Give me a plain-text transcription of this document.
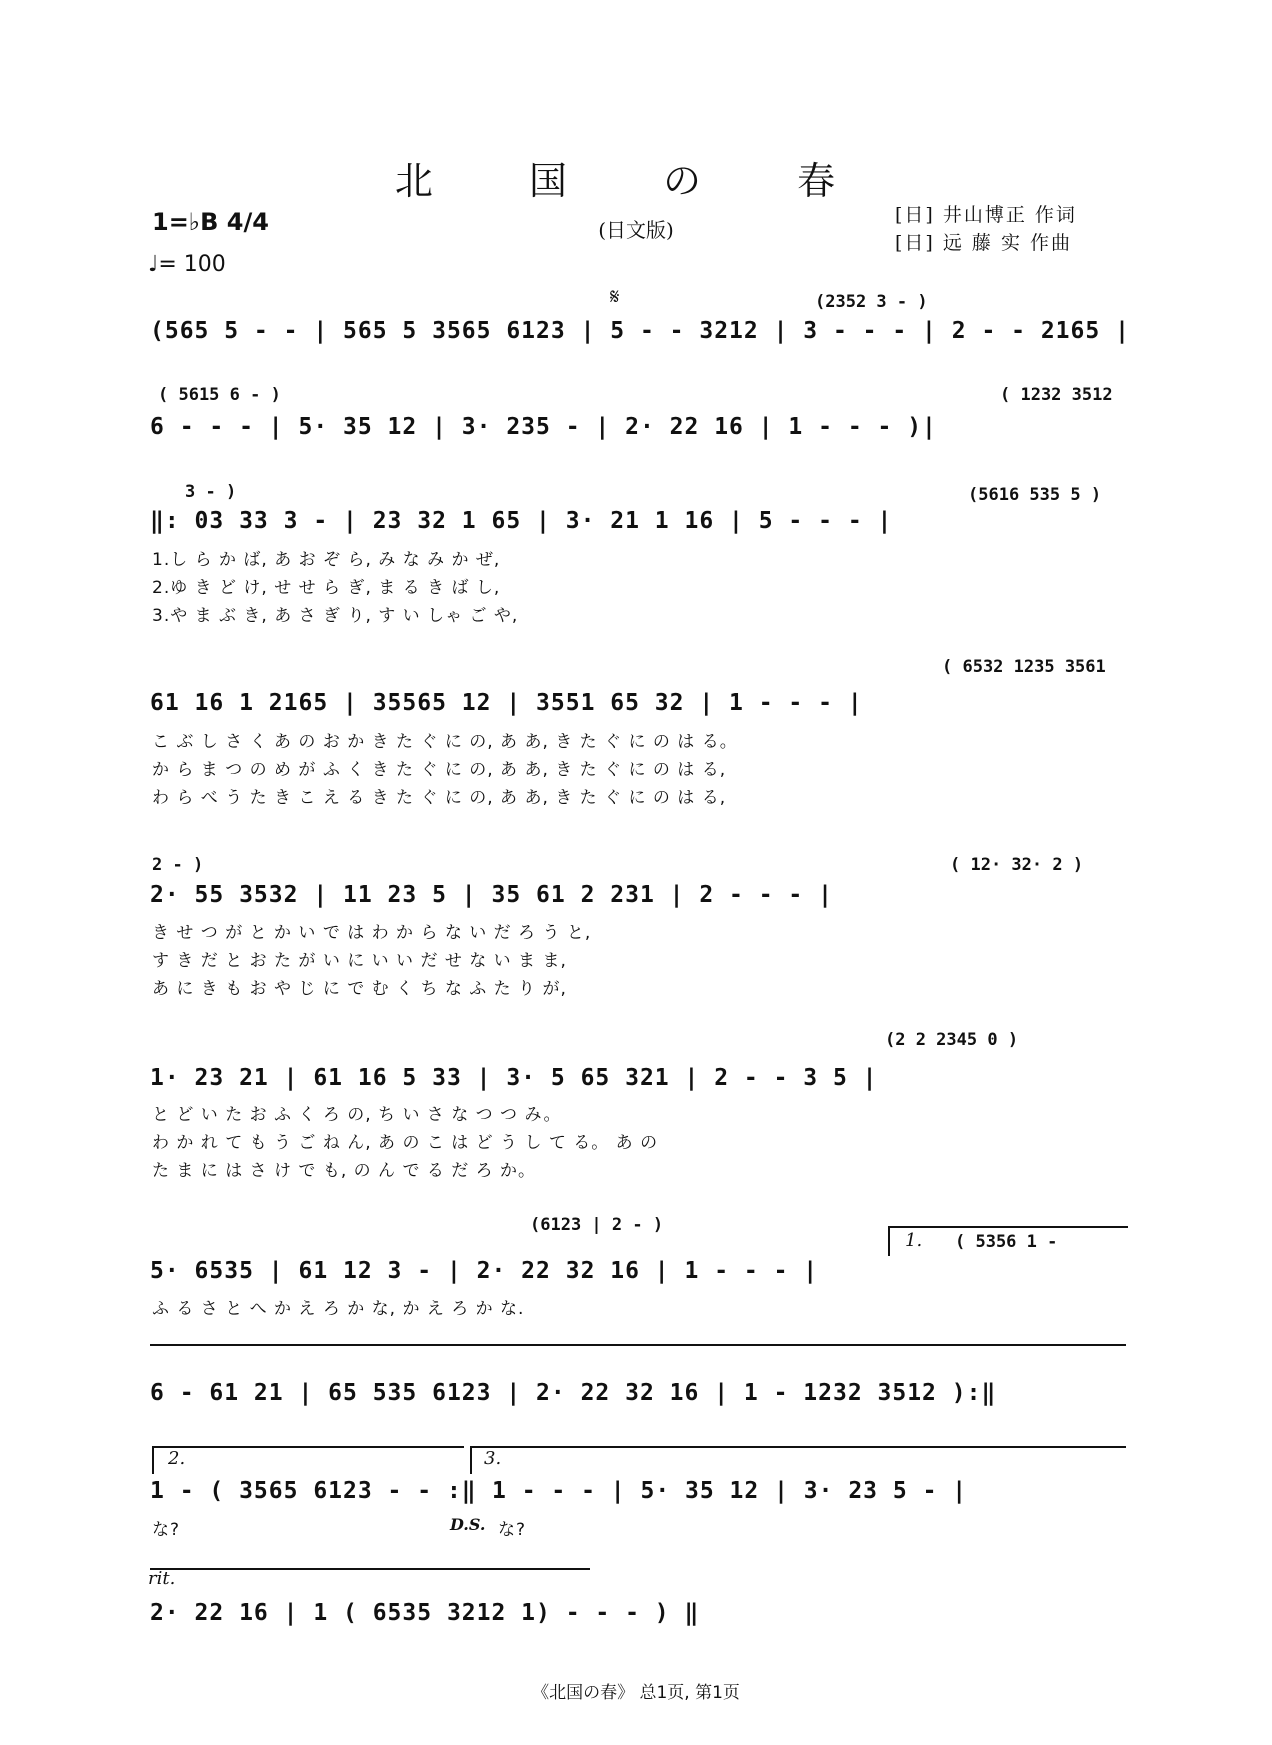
北 国 の 春
(日文版)
1=♭B 4/4
♩= 100
[日] 井山博正 作词
[日] 远 藤 实 作曲
(2352 3 - )
𝄋
(565 5 - - | 565 5 3565 6123 | 5 - - 3212 | 3 - - - | 2 - - 2165 |
( 5615 6 - )	( 1232 3512
6 - - - | 5· 35 12 | 3· 235 - | 2· 22 16 | 1 - - - )|
3 - )	(5616 535 5 )
‖: 03 33 3 - | 23 32 1 65 | 3· 21 1 16 | 5 - - - |
1.し ら か ば, あ お ぞ ら, み な み か ぜ,
2.ゆ き ど け, せ せ ら ぎ, ま る き ば し,
3.や ま ぶ き, あ さ ぎ り, す い しゃ ご や,
( 6532 1235 3561
61 16 1 2165 | 35565 12 | 3551 65 32 | 1 - - - |
こ ぶ し さ く あ の お か き た ぐ に の, あ あ, き た ぐ に の は る。
か ら ま つ の め が ふ く き た ぐ に の, あ あ, き た ぐ に の は る,
わ ら べ う た き こ え る き た ぐ に の, あ あ, き た ぐ に の は る,
2 - )	( 12· 32· 2 )
2· 55 3532 | 11 23 5 | 35 61 2 231 | 2 - - - |
き せ つ が と か い で は わ か ら な い だ ろ う と,
す き だ と お た が い に い い だ せ な い ま ま,
あ に き も お や じ に で む く ち な ふ た り が,
(2 2 2345 0 )
1· 23 21 | 61 16 5 33 | 3· 5 65 321 | 2 - - 3 5 |
と ど い た お ふ く ろ の, ち い さ な つ つ み。
わ か れ て も う ご ね ん, あ の こ は ど う し て る。 あ の
た ま に は さ け で も, の ん で る だ ろ か。
(6123 | 2 - )
1. ( 5356 1 -
5· 6535 | 61 12 3 - | 2· 22 32 16 | 1 - - - |
ふ る さ と へ か え ろ か な, か え ろ か な.
6 - 61 21 | 65 535 6123 | 2· 22 32 16 | 1 - 1232 3512 ):‖
2.	3.
1 - ( 3565 6123 - - :‖ 1 - - - | 5· 35 12 | 3· 23 5 - |
な?	D.S. な?
rit.
2· 22 16 | 1 ( 6535 3212 1) - - - ) ‖
《北国の春》 总1页, 第1页
